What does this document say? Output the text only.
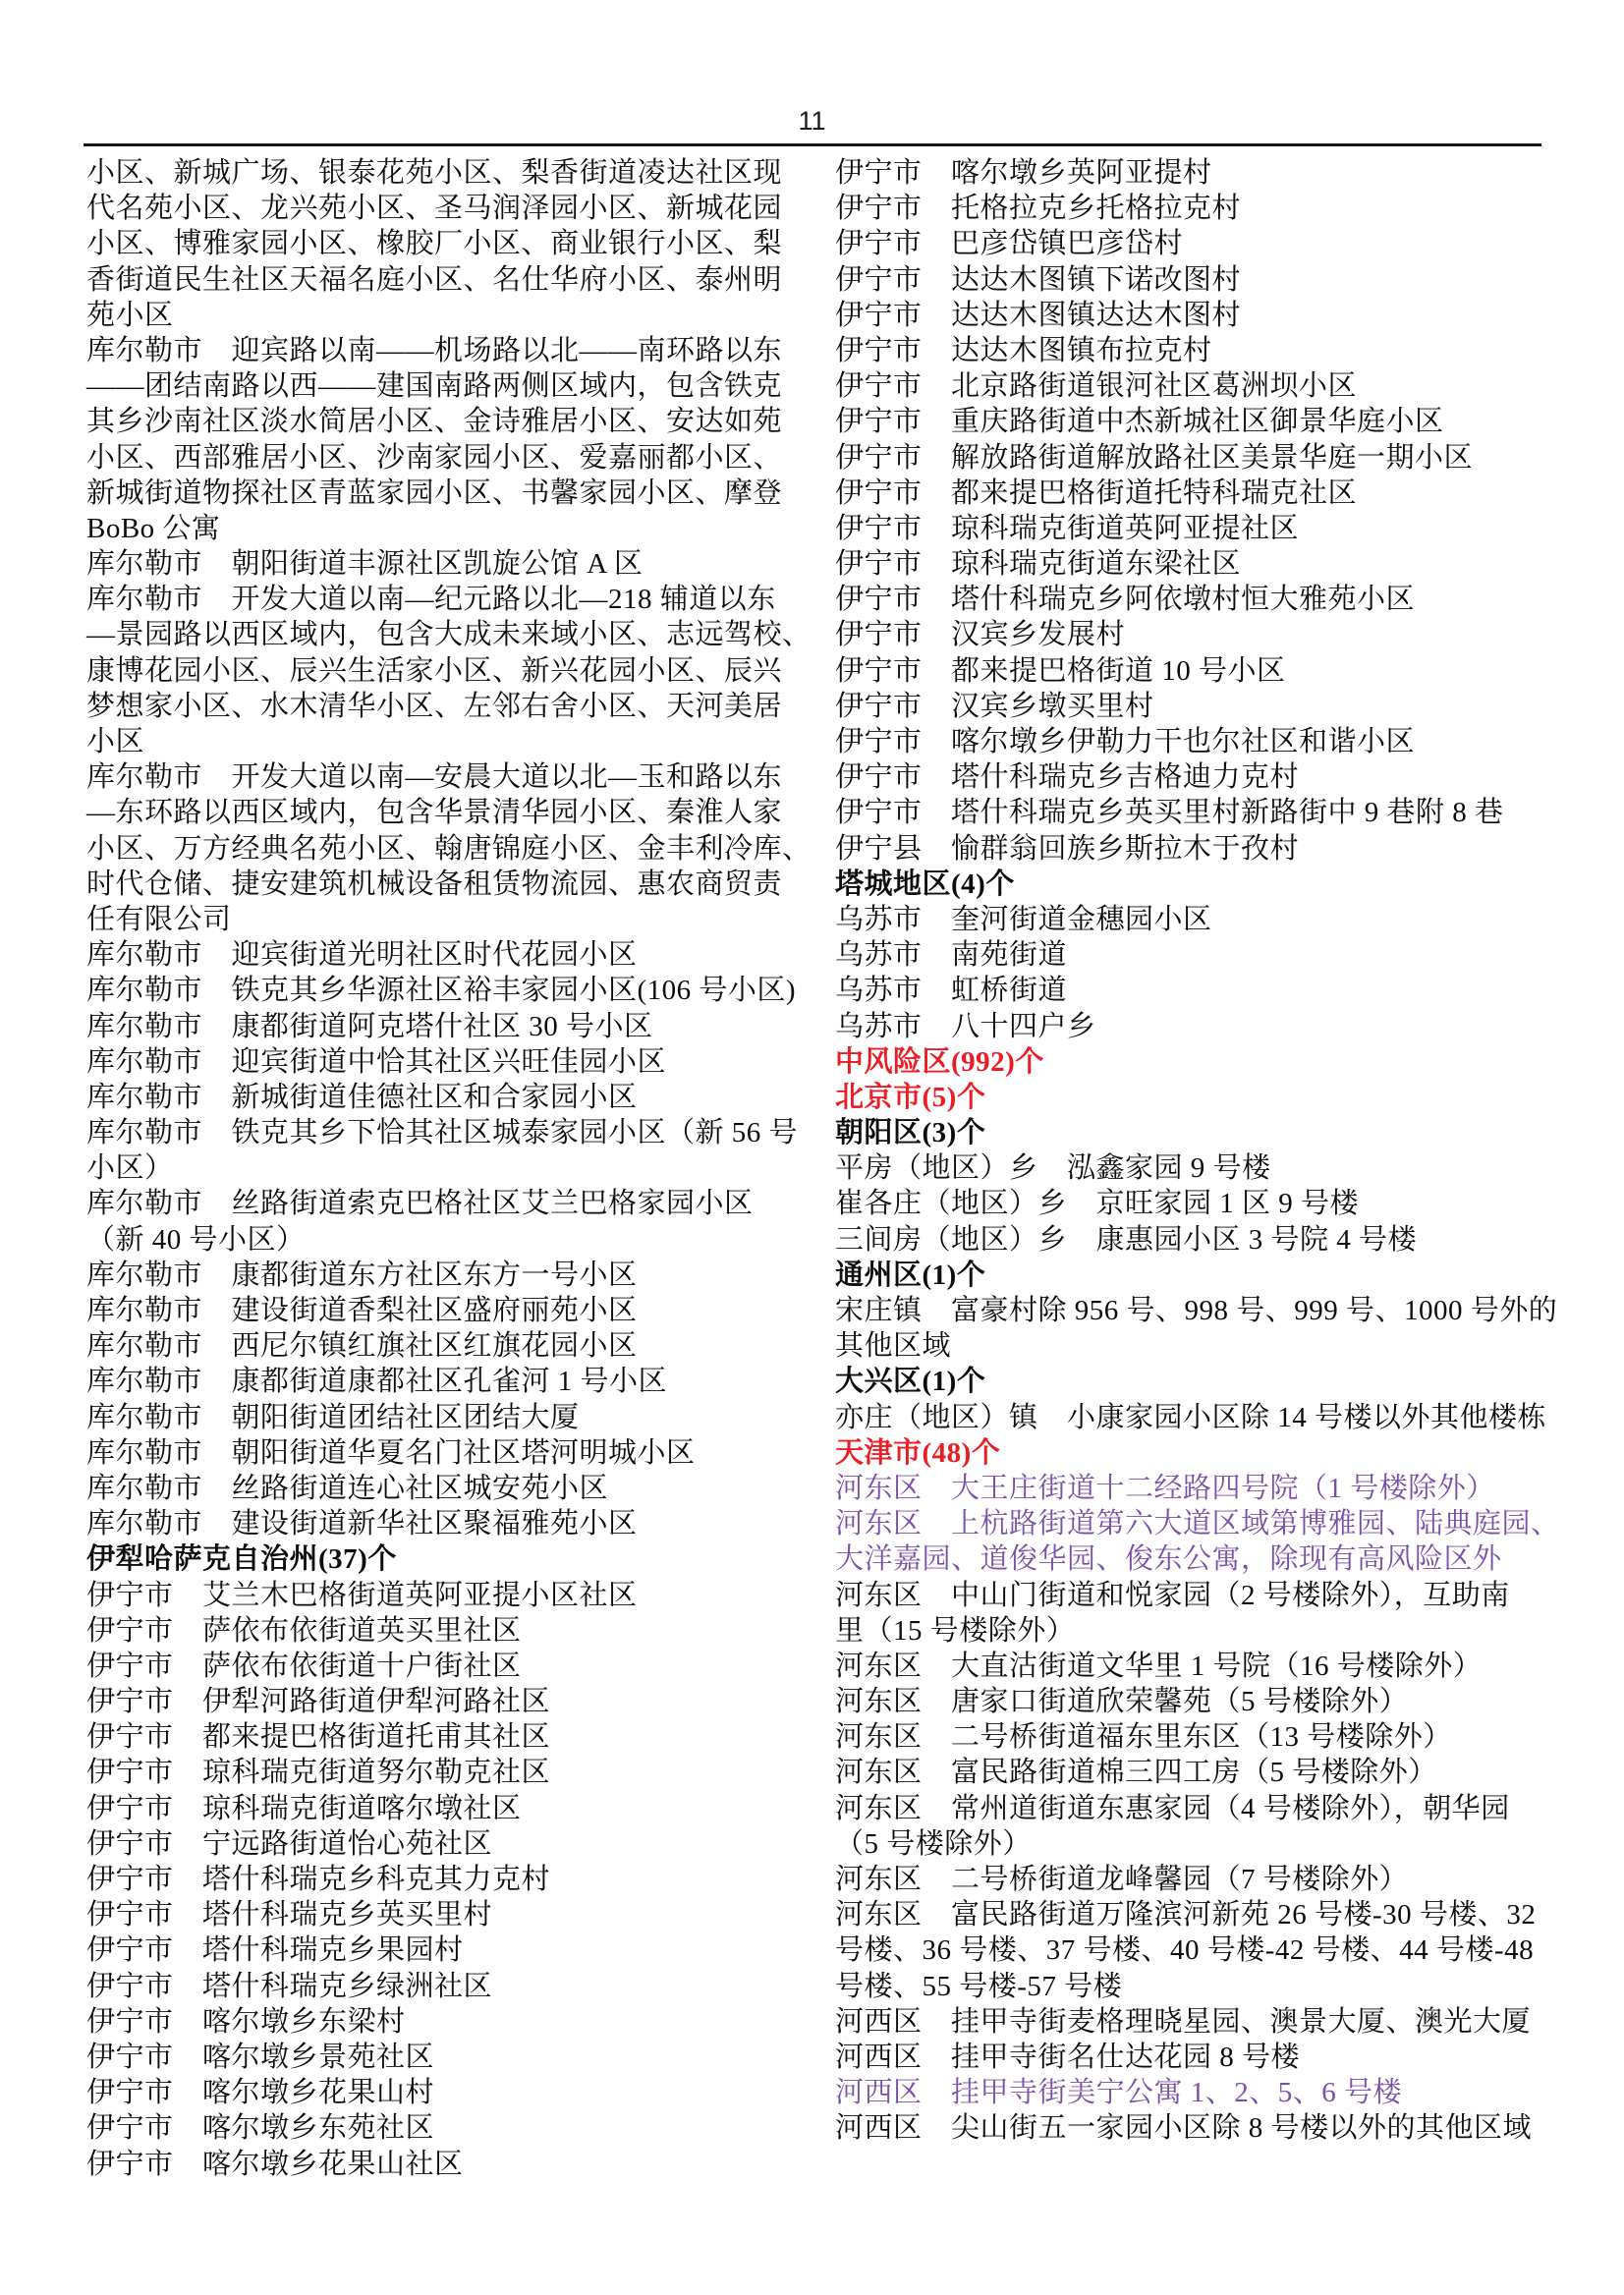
11
小区、新城广场、银泰花苑小区、梨香街道凌达社区现
代名苑小区、龙兴苑小区、圣马润泽园小区、新城花园
小区、博雅家园小区、橡胶厂小区、商业银行小区、梨
香街道民生社区天福名庭小区、名仕华府小区、泰州明
苑小区
库尔勒市　迎宾路以南——机场路以北——南环路以东
——团结南路以西——建国南路两侧区域内，包含铁克
其乡沙南社区淡水简居小区、金诗雅居小区、安达如苑
小区、西部雅居小区、沙南家园小区、爱嘉丽都小区、
新城街道物探社区青蓝家园小区、书馨家园小区、摩登
BoBo 公寓
库尔勒市　朝阳街道丰源社区凯旋公馆 A 区
库尔勒市　开发大道以南—纪元路以北—218 辅道以东
—景园路以西区域内，包含大成未来域小区、志远驾校、
康博花园小区、辰兴生活家小区、新兴花园小区、辰兴
梦想家小区、水木清华小区、左邻右舍小区、天河美居
小区
库尔勒市　开发大道以南—安晨大道以北—玉和路以东
—东环路以西区域内，包含华景清华园小区、秦淮人家
小区、万方经典名苑小区、翰唐锦庭小区、金丰利冷库、
时代仓储、捷安建筑机械设备租赁物流园、惠农商贸责
任有限公司
库尔勒市　迎宾街道光明社区时代花园小区
库尔勒市　铁克其乡华源社区裕丰家园小区(106 号小区)
库尔勒市　康都街道阿克塔什社区 30 号小区
库尔勒市　迎宾街道中恰其社区兴旺佳园小区
库尔勒市　新城街道佳德社区和合家园小区
库尔勒市　铁克其乡下恰其社区城泰家园小区（新 56 号
小区）
库尔勒市　丝路街道索克巴格社区艾兰巴格家园小区
（新 40 号小区）
库尔勒市　康都街道东方社区东方一号小区
库尔勒市　建设街道香梨社区盛府丽苑小区
库尔勒市　西尼尔镇红旗社区红旗花园小区
库尔勒市　康都街道康都社区孔雀河 1 号小区
库尔勒市　朝阳街道团结社区团结大厦
库尔勒市　朝阳街道华夏名门社区塔河明城小区
库尔勒市　丝路街道连心社区城安苑小区
库尔勒市　建设街道新华社区聚福雅苑小区
伊犁哈萨克自治州(37)个
伊宁市　艾兰木巴格街道英阿亚提小区社区
伊宁市　萨依布依街道英买里社区
伊宁市　萨依布依街道十户街社区
伊宁市　伊犁河路街道伊犁河路社区
伊宁市　都来提巴格街道托甫其社区
伊宁市　琼科瑞克街道努尔勒克社区
伊宁市　琼科瑞克街道喀尔墩社区
伊宁市　宁远路街道怡心苑社区
伊宁市　塔什科瑞克乡科克其力克村
伊宁市　塔什科瑞克乡英买里村
伊宁市　塔什科瑞克乡果园村
伊宁市　塔什科瑞克乡绿洲社区
伊宁市　喀尔墩乡东梁村
伊宁市　喀尔墩乡景苑社区
伊宁市　喀尔墩乡花果山村
伊宁市　喀尔墩乡东苑社区
伊宁市　喀尔墩乡花果山社区
伊宁市　喀尔墩乡英阿亚提村
伊宁市　托格拉克乡托格拉克村
伊宁市　巴彦岱镇巴彦岱村
伊宁市　达达木图镇下诺改图村
伊宁市　达达木图镇达达木图村
伊宁市　达达木图镇布拉克村
伊宁市　北京路街道银河社区葛洲坝小区
伊宁市　重庆路街道中杰新城社区御景华庭小区
伊宁市　解放路街道解放路社区美景华庭一期小区
伊宁市　都来提巴格街道托特科瑞克社区
伊宁市　琼科瑞克街道英阿亚提社区
伊宁市　琼科瑞克街道东梁社区
伊宁市　塔什科瑞克乡阿依墩村恒大雅苑小区
伊宁市　汉宾乡发展村
伊宁市　都来提巴格街道 10 号小区
伊宁市　汉宾乡墩买里村
伊宁市　喀尔墩乡伊勒力干也尔社区和谐小区
伊宁市　塔什科瑞克乡吉格迪力克村
伊宁市　塔什科瑞克乡英买里村新路街中 9 巷附 8 巷
伊宁县　愉群翁回族乡斯拉木于孜村
塔城地区(4)个
乌苏市　奎河街道金穗园小区
乌苏市　南苑街道
乌苏市　虹桥街道
乌苏市　八十四户乡
中风险区(992)个
北京市(5)个
朝阳区(3)个
平房（地区）乡　泓鑫家园 9 号楼
崔各庄（地区）乡　京旺家园 1 区 9 号楼
三间房（地区）乡　康惠园小区 3 号院 4 号楼
通州区(1)个
宋庄镇　富豪村除 956 号、998 号、999 号、1000 号外的
其他区域
大兴区(1)个
亦庄（地区）镇　小康家园小区除 14 号楼以外其他楼栋
天津市(48)个
河东区　大王庄街道十二经路四号院（1 号楼除外）
河东区　上杭路街道第六大道区域第博雅园、陆典庭园、
大洋嘉园、道俊华园、俊东公寓，除现有高风险区外
河东区　中山门街道和悦家园（2 号楼除外），互助南
里（15 号楼除外）
河东区　大直沽街道文华里 1 号院（16 号楼除外）
河东区　唐家口街道欣荣馨苑（5 号楼除外）
河东区　二号桥街道福东里东区（13 号楼除外）
河东区　富民路街道棉三四工房（5 号楼除外）
河东区　常州道街道东惠家园（4 号楼除外），朝华园
（5 号楼除外）
河东区　二号桥街道龙峰馨园（7 号楼除外）
河东区　富民路街道万隆滨河新苑 26 号楼-30 号楼、32
号楼、36 号楼、37 号楼、40 号楼-42 号楼、44 号楼-48
号楼、55 号楼-57 号楼
河西区　挂甲寺街麦格理晓星园、澳景大厦、澳光大厦
河西区　挂甲寺街名仕达花园 8 号楼
河西区　挂甲寺街美宁公寓 1、2、5、6 号楼
河西区　尖山街五一家园小区除 8 号楼以外的其他区域
